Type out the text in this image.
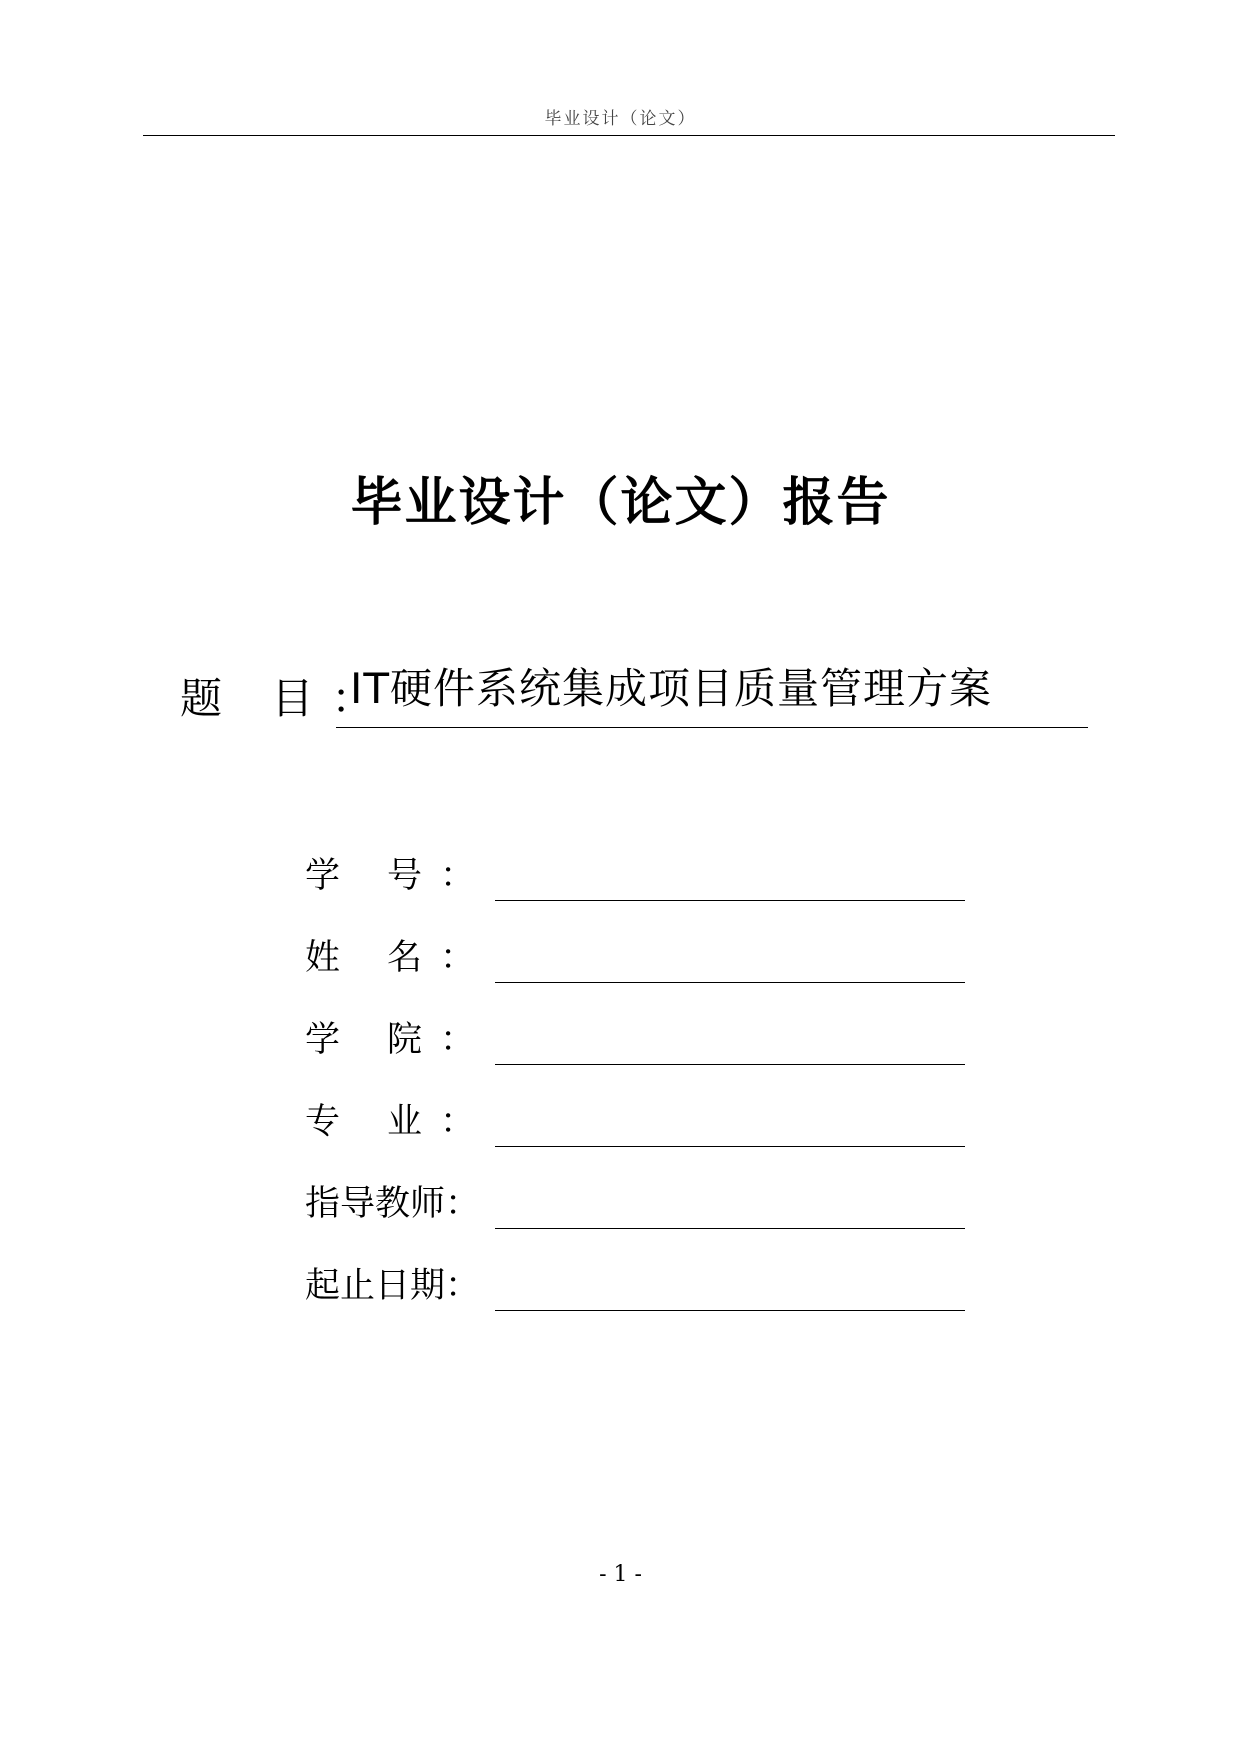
毕业设计（论文）
毕业设计（论文）报告
题 目：
IT硬件系统集成项目质量管理方案
学 号：
姓 名：
学 院：
专 业：
指导教师：
起止日期：
- 1 -
